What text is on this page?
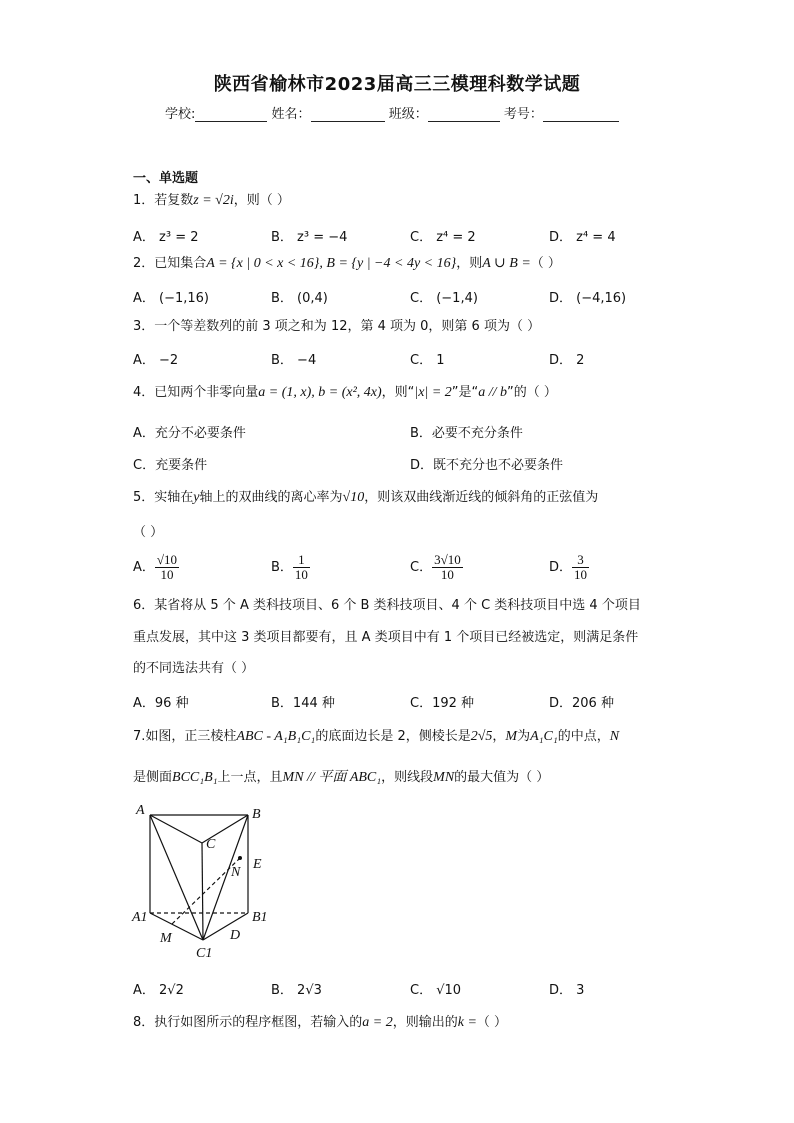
陕西省榆林市2023届高三三模理科数学试题
学校:	姓名：	班级：	考号：
一、单选题
1．若复数z = √2i，则（ ）
A． z³ = 2	B． z³ = −4	C． z⁴ = 2	D． z⁴ = 4
2．已知集合A = {x | 0 < x < 16}, B = {y | −4 < 4y < 16}，则A ∪ B =（ ）
A． (−1,16)	B． (0,4)	C． (−1,4)	D． (−4,16)
3．一个等差数列的前 3 项之和为 12，第 4 项为 0，则第 6 项为（ ）
A． −2	B． −4	C． 1	D． 2
4．已知两个非零向量a = (1, x), b = (x², 4x)，则“|x| = 2”是“a // b”的（ ）
A．充分不必要条件	B．必要不充分条件
C．充要条件	D．既不充分也不必要条件
5．实轴在y轴上的双曲线的离心率为√10，则该双曲线渐近线的倾斜角的正弦值为
（ ）
A． $\frac{√10}{10}$	B． $\frac{1}{10}$	C． $\frac{3√10}{10}$	D． $\frac{3}{10}$
6．某省将从 5 个 A 类科技项目、6 个 B 类科技项目、4 个 C 类科技项目中选 4 个项目
重点发展，其中这 3 类项目都要有，且 A 类项目中有 1 个项目已经被选定，则满足条件
的不同选法共有（ ）
A．96 种	B．144 种	C．192 种	D．206 种
7.如图，正三棱柱ABC - A₁B₁C₁的底面边长是 2，侧棱长是2√5，M为A₁C₁的中点，N
是侧面BCC₁B₁上一点，且MN // 平面 ABC₁，则线段MN的最大值为（ ）
A	B
C
N
E
A1	B1
M	D
C1
A． 2√2	B． 2√3	C． √10	D． 3
8．执行如图所示的程序框图，若输入的a = 2，则输出的k =（ ）
